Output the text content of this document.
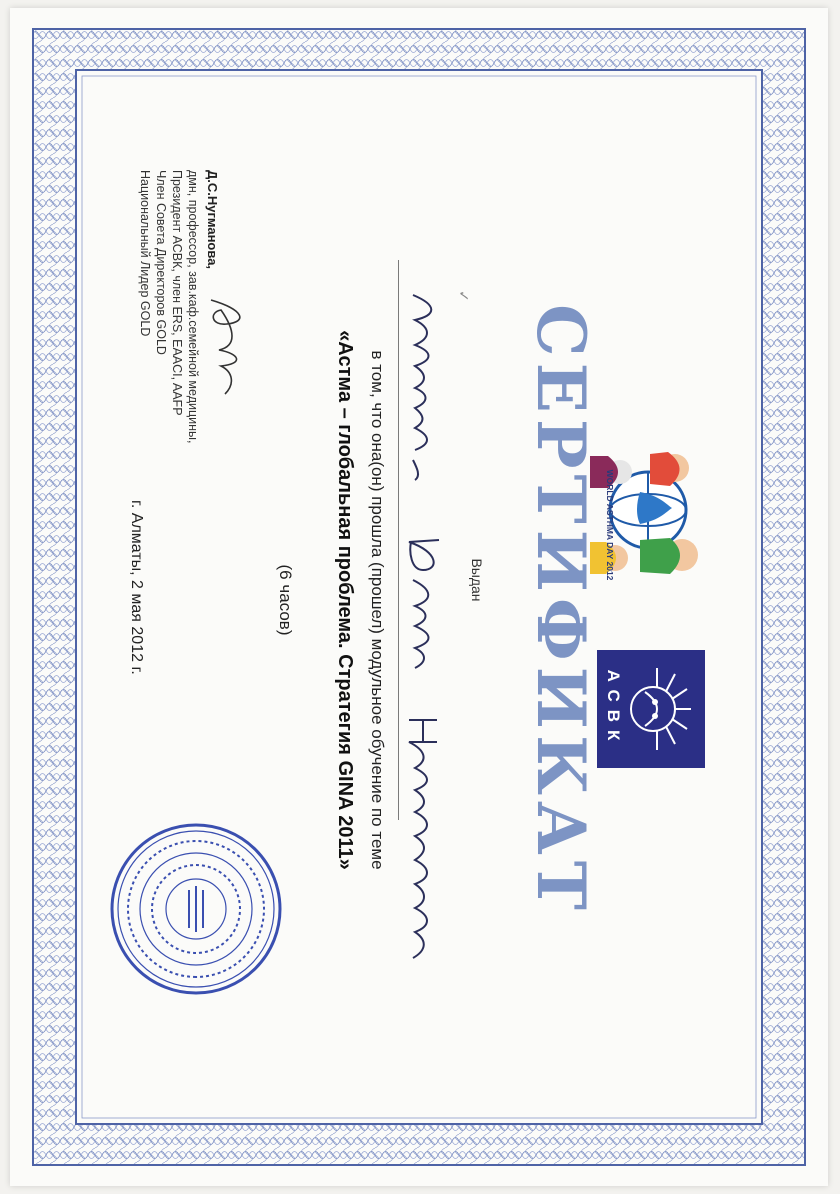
WORLD ASTHMA DAY 2012
АСВК
СЕРТИФИКАТ
Выдан
✓
в том, что она(он) прошла (прошел) модульное обучение по теме
«Астма – глобальная проблема. Стратегия GINA 2011»
(6 часов)
Д.С.Нугманова,
дмн, профессор, зав.каф.семейной медицины,
Президент АСВК, член ERS, EAACI, AAFP
Член Совета Директоров GOLD
Национальный Лидер GOLD
г. Алматы, 2 мая 2012 г.
